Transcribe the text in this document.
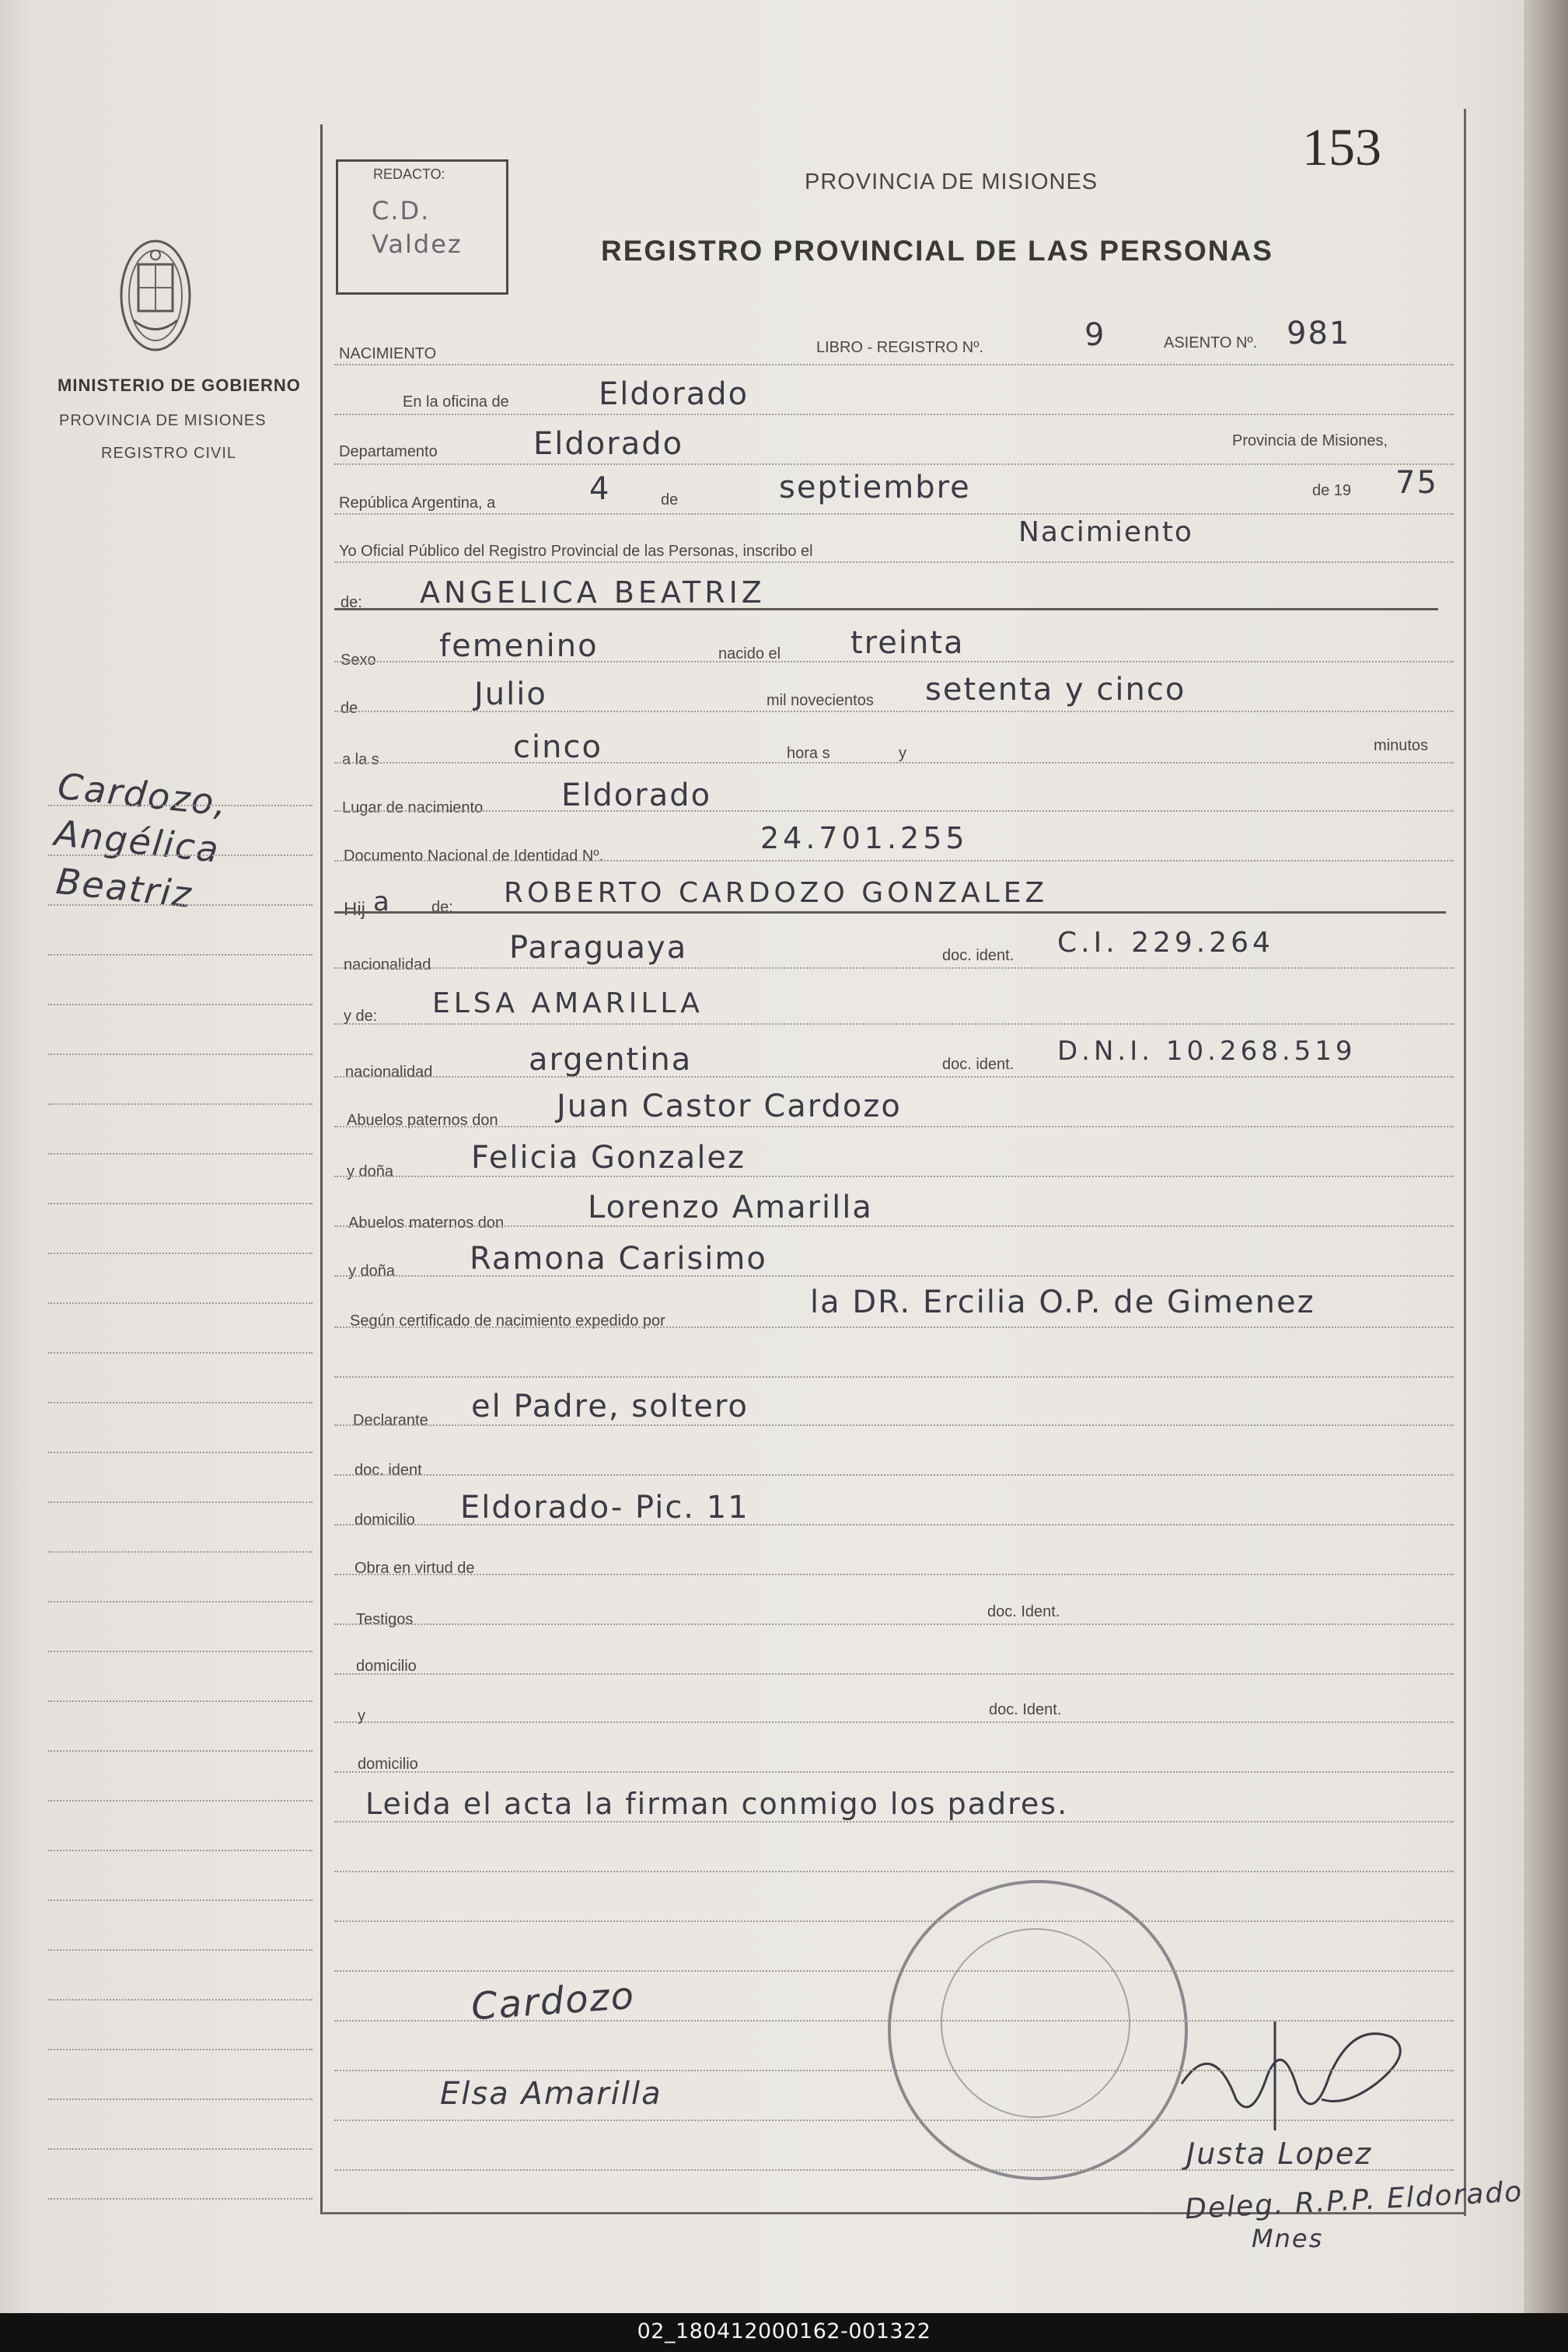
MINISTERIO DE GOBIERNO
PROVINCIA DE MISIONES
REGISTRO CIVIL
Cardozo,
Angélica
Beatriz
REDACTO:
C.D.
Valdez
153
PROVINCIA DE MISIONES
REGISTRO PROVINCIAL DE LAS PERSONAS
NACIMIENTO	LIBRO - REGISTRO Nº.	9	ASIENTO Nº. 981
En la oficina de	Eldorado
Departamento	Eldorado	Provincia de Misiones,
República Argentina, a	4	de	septiembre	de 19 75
Yo Oficial Público del Registro Provincial de las Personas, inscribo el
Nacimiento
de: ANGELICA BEATRIZ
Sexo femenino	nacido el treinta
de	Julio	mil novecientos setenta y cinco
a la s	cinco	hora s	y	minutos
Lugar de nacimiento	Eldorado
Documento Nacional de Identidad Nº.
24.701.255
Hij a	de: ROBERTO CARDOZO GONZALEZ
nacionalidad	Paraguaya	doc. ident. C.I. 229.264
y de: ELSA AMARILLA
nacionalidad	argentina	doc. ident. D.N.I. 10.268.519
Abuelos paternos don Juan Castor Cardozo
y doña Felicia Gonzalez
Abuelos maternos don	Lorenzo Amarilla
y doña Ramona Carisimo
Según certificado de nacimiento expedido por
la DR. Ercilia O.P. de Gimenez
Declarante el Padre, soltero
doc. ident
domicilio Eldorado- Pic. 11
Obra en virtud de
Testigos	doc. Ident.
domicilio
y	doc. Ident.
domicilio
Leida el acta la firman conmigo los padres.
Cardozo
Elsa Amarilla
Justa Lopez
Deleg. R.P.P. Eldorado
Mnes
02_180412000162-001322
